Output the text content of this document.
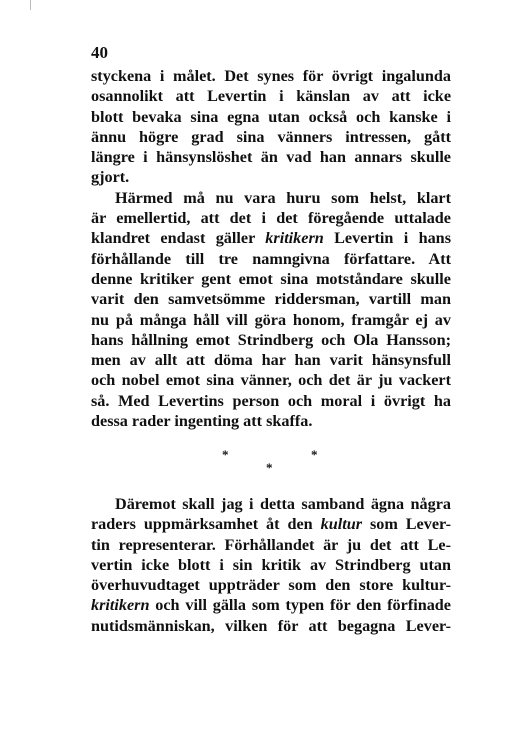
40
styckena i målet. Det synes för övrigt ingalunda
osannolikt att Levertin i känslan av att icke
blott bevaka sina egna utan också och kanske i
ännu högre grad sina vänners intressen, gått
längre i hänsynslöshet än vad han annars skulle
gjort.
Härmed må nu vara huru som helst, klart
är emellertid, att det i det föregående uttalade
klandret endast gäller kritikern Levertin i hans
förhållande till tre namngivna författare. Att
denne kritiker gent emot sina motståndare skulle
varit den samvetsömme riddersman, vartill man
nu på många håll vill göra honom, framgår ej av
hans hållning emot Strindberg och Ola Hansson;
men av allt att döma har han varit hänsynsfull
och nobel emot sina vänner, och det är ju vackert
så. Med Levertins person och moral i övrigt ha
dessa rader ingenting att skaffa.
*	*
*
Däremot skall jag i detta samband ägna några
raders uppmärksamhet åt den kultur som Lever-
tin representerar. Förhållandet är ju det att Le-
vertin icke blott i sin kritik av Strindberg utan
överhuvudtaget uppträder som den store kultur-
kritikern och vill gälla som typen för den förfinade
nutidsmänniskan, vilken för att begagna Lever-
